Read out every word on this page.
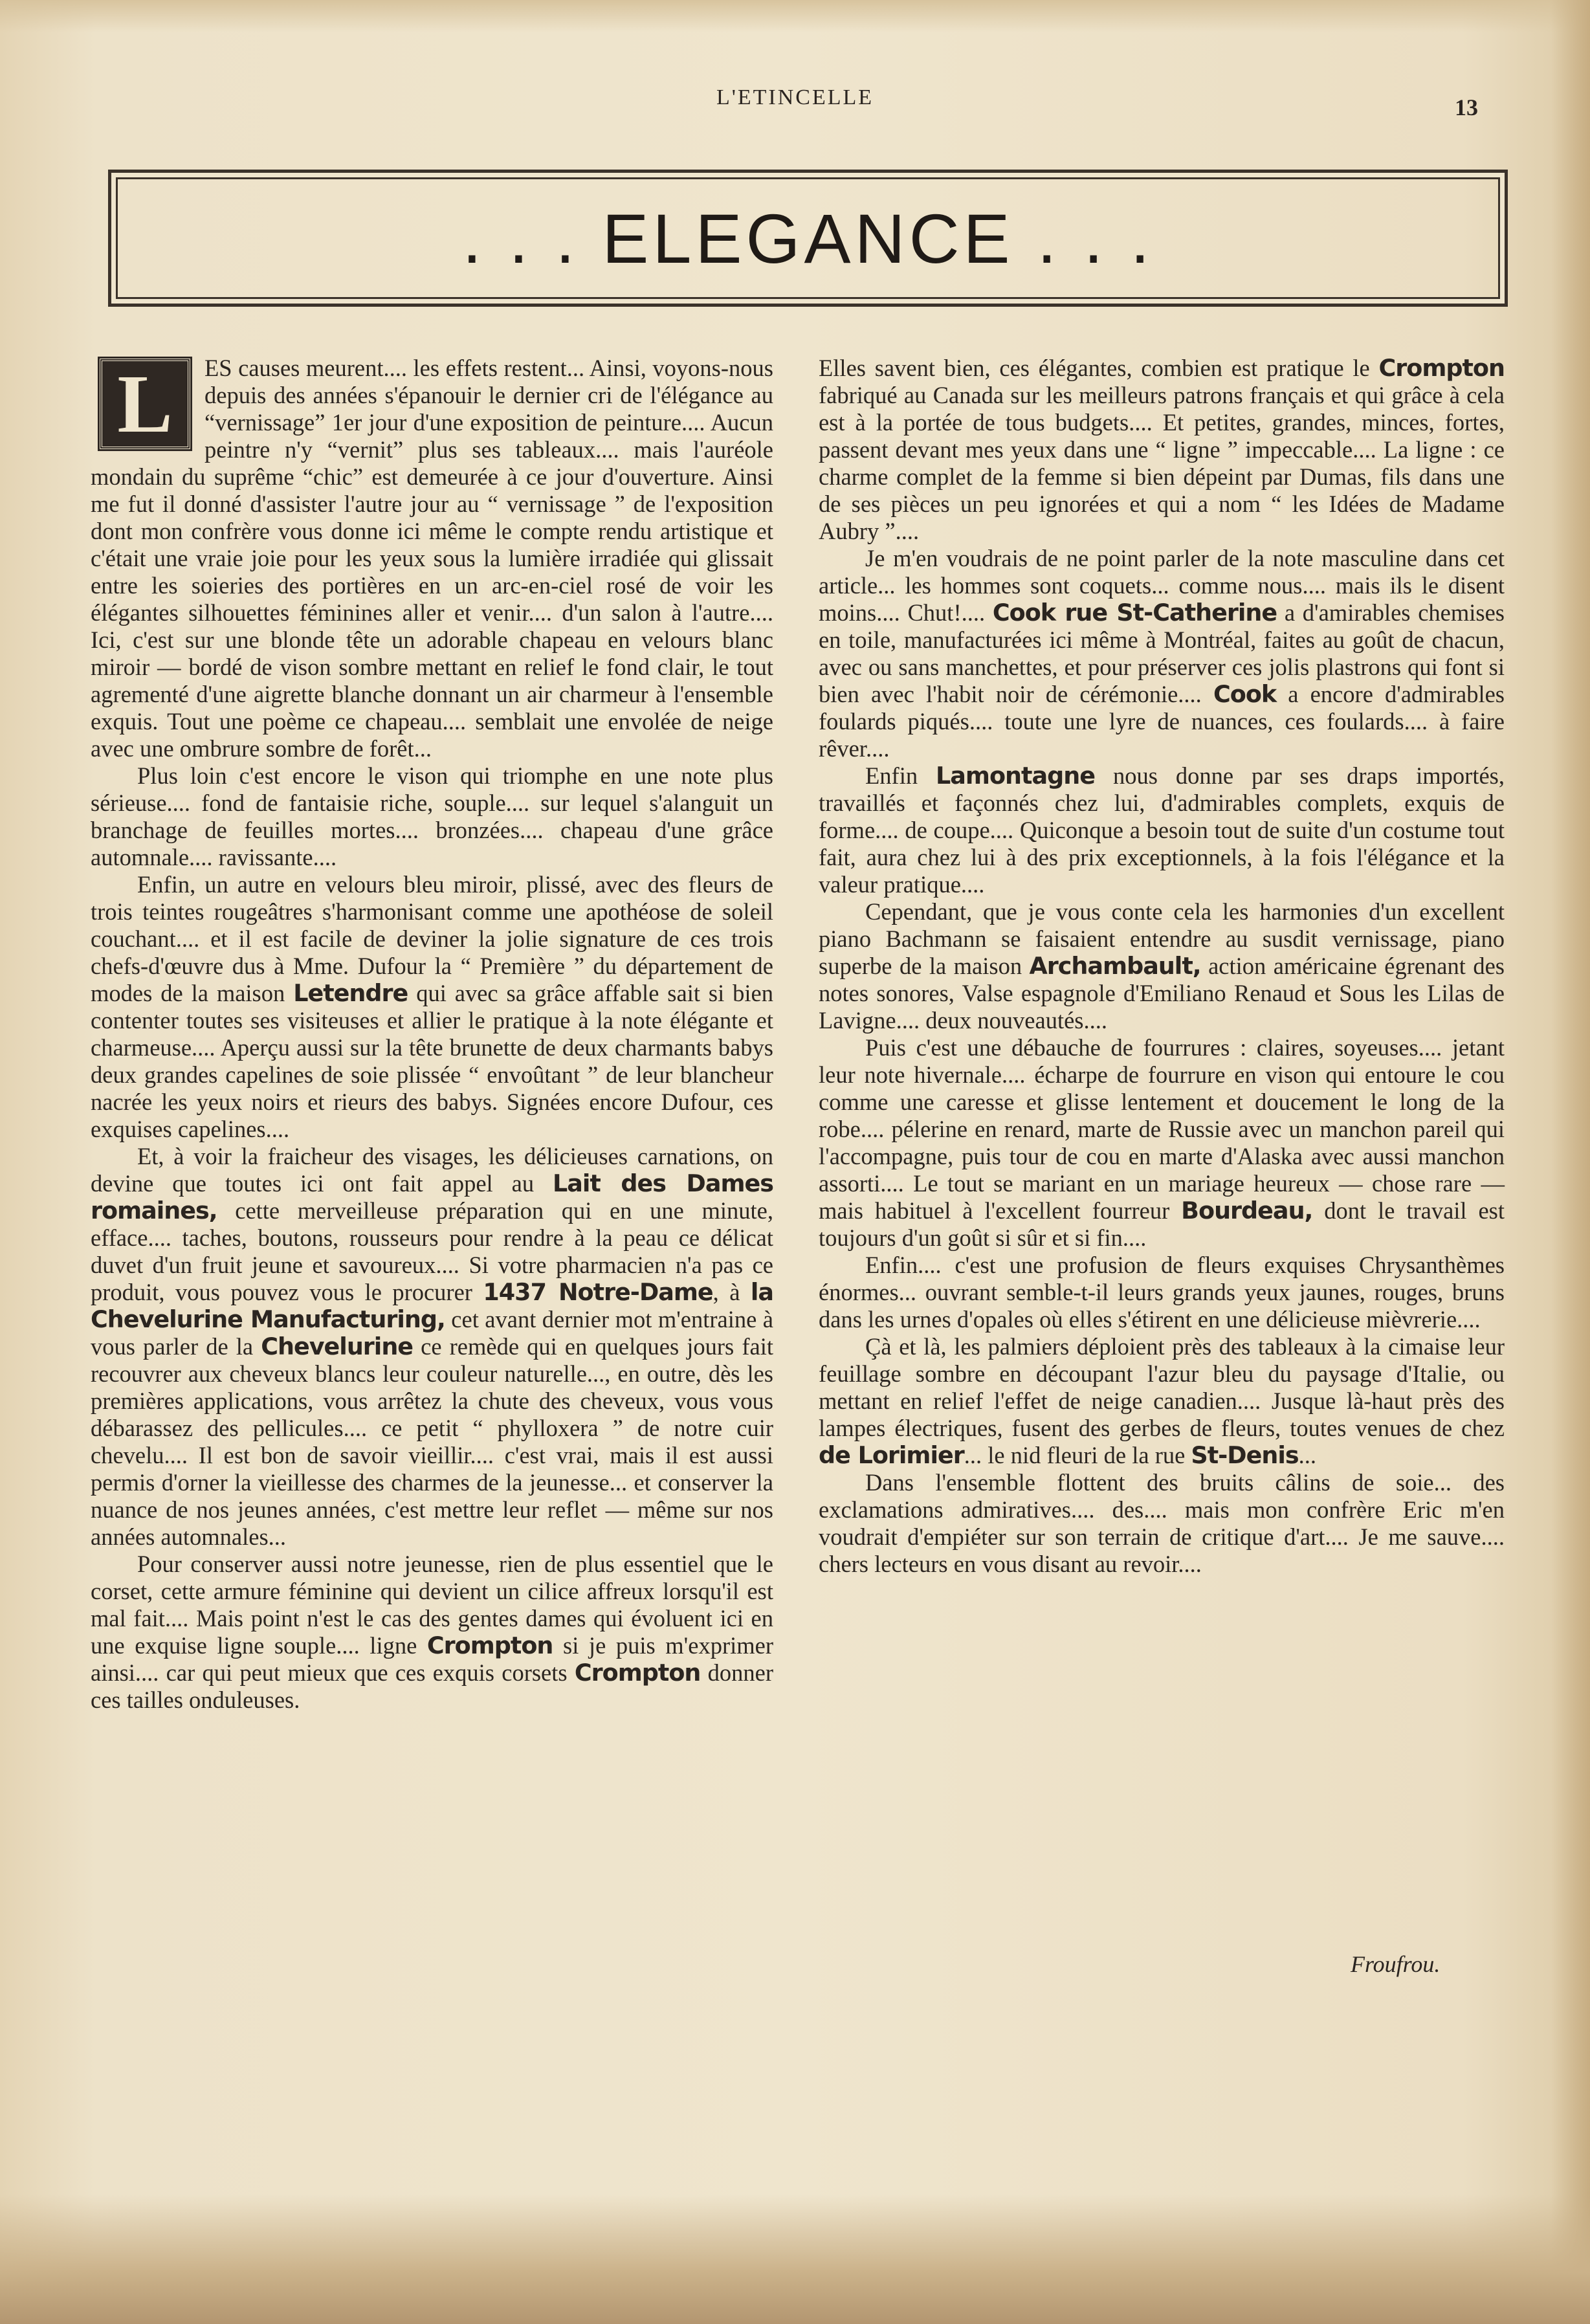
L'ETINCELLE	13
. . . ELEGANCE . . .
L	ES causes meurent.... les effets restent... Ainsi, voyons-nous depuis des années s'épanouir le dernier cri de l'élégance au “vernissage” 1er jour d'une exposition de peinture.... Aucun peintre n'y “vernit” plus ses tableaux.... mais l'auréole mondain du suprême “chic” est demeurée à ce jour d'ouverture. Ainsi me fut il donné d'assister l'autre jour au “ vernissage ” de l'exposition dont mon confrère vous donne ici même le compte rendu artistique et c'était une vraie joie pour les yeux sous la lumière irradiée qui glissait entre les soieries des portières en un arc-en-ciel rosé de voir les élégantes silhouettes féminines aller et venir.... d'un salon à l'autre.... Ici, c'est sur une blonde tête un adorable chapeau en velours blanc miroir — bordé de vison sombre mettant en relief le fond clair, le tout agrementé d'une aigrette blanche donnant un air charmeur à l'ensemble exquis. Tout une poème ce chapeau.... semblait une envolée de neige avec une ombrure sombre de forêt...

Plus loin c'est encore le vison qui triomphe en une note plus sérieuse.... fond de fantaisie riche, souple.... sur lequel s'alanguit un branchage de feuilles mortes.... bronzées.... chapeau d'une grâce automnale.... ravissante....

Enfin, un autre en velours bleu miroir, plissé, avec des fleurs de trois teintes rougeâtres s'harmonisant comme une apothéose de soleil couchant.... et il est facile de deviner la jolie signature de ces trois chefs-d'œuvre dus à Mme. Dufour la “ Première ” du département de modes de la maison Letendre qui avec sa grâce affable sait si bien contenter toutes ses visiteuses et allier le pratique à la note élégante et charmeuse.... Aperçu aussi sur la tête brunette de deux charmants babys deux grandes capelines de soie plissée “ envoûtant ” de leur blancheur nacrée les yeux noirs et rieurs des babys. Signées encore Dufour, ces exquises capelines....

Et, à voir la fraicheur des visages, les délicieuses carnations, on devine que toutes ici ont fait appel au Lait des Dames romaines, cette merveilleuse préparation qui en une minute, efface.... taches, boutons, rousseurs pour rendre à la peau ce délicat duvet d'un fruit jeune et savoureux.... Si votre pharmacien n'a pas ce produit, vous pouvez vous le procurer 1437 Notre-Dame, à la Chevelurine Manufacturing, cet avant dernier mot m'entraine à vous parler de la Chevelurine ce remède qui en quelques jours fait recouvrer aux cheveux blancs leur couleur naturelle..., en outre, dès les premières applications, vous arrêtez la chute des cheveux, vous vous débarassez des pellicules.... ce petit “ phylloxera ” de notre cuir chevelu.... Il est bon de savoir vieillir.... c'est vrai, mais il est aussi permis d'orner la vieillesse des charmes de la jeunesse... et conserver la nuance de nos jeunes années, c'est mettre leur reflet — même sur nos années automnales...

Pour conserver aussi notre jeunesse, rien de plus essentiel que le corset, cette armure féminine qui devient un cilice affreux lorsqu'il est mal fait.... Mais point n'est le cas des gentes dames qui évoluent ici en une exquise ligne souple.... ligne Crompton si je puis m'exprimer ainsi.... car qui peut mieux que ces exquis corsets Crompton donner ces tailles onduleuses.

Elles savent bien, ces élégantes, combien est pratique le Crompton fabriqué au Canada sur les meilleurs patrons français et qui grâce à cela est à la portée de tous budgets.... Et petites, grandes, minces, fortes, passent devant mes yeux dans une “ ligne ” impeccable.... La ligne : ce charme complet de la femme si bien dépeint par Dumas, fils dans une de ses pièces un peu ignorées et qui a nom “ les Idées de Madame Aubry ”....

Je m'en voudrais de ne point parler de la note masculine dans cet article... les hommes sont coquets... comme nous.... mais ils le disent moins.... Chut!.... Cook rue St-Catherine a d'amirables chemises en toile, manufacturées ici même à Montréal, faites au goût de chacun, avec ou sans manchettes, et pour préserver ces jolis plastrons qui font si bien avec l'habit noir de cérémonie.... Cook a encore d'admirables foulards piqués.... toute une lyre de nuances, ces foulards.... à faire rêver....

Enfin Lamontagne nous donne par ses draps importés, travaillés et façonnés chez lui, d'admirables complets, exquis de forme.... de coupe.... Quiconque a besoin tout de suite d'un costume tout fait, aura chez lui à des prix exceptionnels, à la fois l'élégance et la valeur pratique....

Cependant, que je vous conte cela les harmonies d'un excellent piano Bachmann se faisaient entendre au susdit vernissage, piano superbe de la maison Archambault, action américaine égrenant des notes sonores, Valse espagnole d'Emiliano Renaud et Sous les Lilas de Lavigne.... deux nouveautés....

Puis c'est une débauche de fourrures : claires, soyeuses.... jetant leur note hivernale.... écharpe de fourrure en vison qui entoure le cou comme une caresse et glisse lentement et doucement le long de la robe.... pélerine en renard, marte de Russie avec un manchon pareil qui l'accompagne, puis tour de cou en marte d'Alaska avec aussi manchon assorti.... Le tout se mariant en un mariage heureux — chose rare — mais habituel à l'excellent fourreur Bourdeau, dont le travail est toujours d'un goût si sûr et si fin....

Enfin.... c'est une profusion de fleurs exquises Chrysanthèmes énormes... ouvrant semble-t-il leurs grands yeux jaunes, rouges, bruns dans les urnes d'opales où elles s'étirent en une délicieuse mièvrerie....

Çà et là, les palmiers déploient près des tableaux à la cimaise leur feuillage sombre en découpant l'azur bleu du paysage d'Italie, ou mettant en relief l'effet de neige canadien.... Jusque là-haut près des lampes électriques, fusent des gerbes de fleurs, toutes venues de chez de Lorimier... le nid fleuri de la rue St-Denis...

Dans l'ensemble flottent des bruits câlins de soie... des exclamations admiratives.... des.... mais mon confrère Eric m'en voudrait d'empiéter sur son terrain de critique d'art.... Je me sauve.... chers lecteurs en vous disant au revoir....

Froufrou.
